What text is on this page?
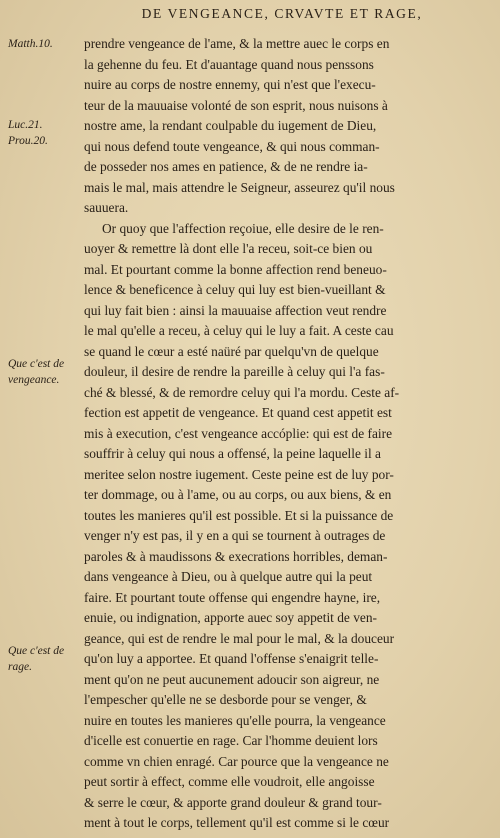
DE VENGEANCE, CRVAVTE ET RAGE,
Matth.10.
Luc.21.
Prou.20.
Que c'est de
vengeance.
Que c'est de
rage.
prendre vengeance de l'ame, & la mettre auec le corps en
la gehenne du feu. Et d'auantage quand nous penssons
nuire au corps de nostre ennemy, qui n'est que l'execu-
teur de la mauuaise volonté de son esprit, nous nuisons à
nostre ame, la rendant coulpable du iugement de Dieu,
qui nous defend toute vengeance, & qui nous comman-
de posseder nos ames en patience, & de ne rendre ia-
mais le mal, mais attendre le Seigneur, asseurez qu'il nous
sauuera.
Or quoy que l'affection reçoiue, elle desire de le ren-
uoyer & remettre là dont elle l'a receu, soit-ce bien ou
mal. Et pourtant comme la bonne affection rend beneuo-
lence & beneficence à celuy qui luy est bien-vueillant &
qui luy fait bien : ainsi la mauuaise affection veut rendre
le mal qu'elle a receu, à celuy qui le luy a fait. A ceste cau
se quand le cœur a esté naüré par quelqu'vn de quelque
douleur, il desire de rendre la pareille à celuy qui l'a fas-
ché & blessé, & de remordre celuy qui l'a mordu. Ceste af-
fection est appetit de vengeance. Et quand cest appetit est
mis à execution, c'est vengeance accóplie: qui est de faire
souffrir à celuy qui nous a offensé, la peine laquelle il a
meritee selon nostre iugement. Ceste peine est de luy por-
ter dommage, ou à l'ame, ou au corps, ou aux biens, & en
toutes les manieres qu'il est possible. Et si la puissance de
venger n'y est pas, il y en a qui se tournent à outrages de
paroles & à maudissons & execrations horribles, deman-
dans vengeance à Dieu, ou à quelque autre qui la peut
faire. Et pourtant toute offense qui engendre hayne, ire,
enuie, ou indignation, apporte auec soy appetit de ven-
geance, qui est de rendre le mal pour le mal, & la douceur
qu'on luy a apportee. Et quand l'offense s'enaigrit telle-
ment qu'on ne peut aucunement adoucir son aigreur, ne
l'empescher qu'elle ne se desborde pour se venger, &
nuire en toutes les manieres qu'elle pourra, la vengeance
d'icelle est conuertie en rage. Car l'homme deuient lors
comme vn chien enragé. Car pource que la vengeance ne
peut sortir à effect, comme elle voudroit, elle angoisse
& serre le cœur, & apporte grand douleur & grand tour-
ment à tout le corps, tellement qu'il est comme si le cœur
